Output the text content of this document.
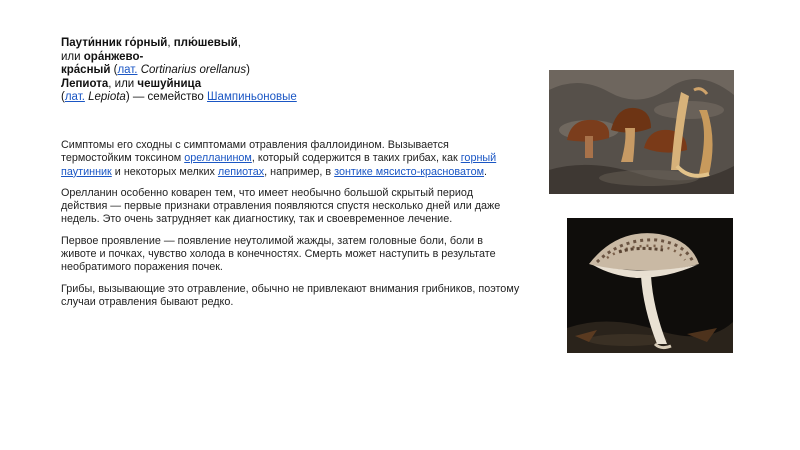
Паути́нник го́рный, плю́шевый,
или ора́нжево-
кра́сный (лат. Cortinarius orellanus)
Лепиота, или чешуйница
(лат. Lepiota) — семейство Шампиньоновые

Симптомы его сходны с симптомами отравления фаллоидином. Вызывается термостойким токсином орелланином, который содержится в таких грибах, как горный паутинник и некоторых мелких лепиотах, например, в зонтике мясисто-красноватом.

Орелланин особенно коварен тем, что имеет необычно большой скрытый период действия — первые признаки отравления появляются спустя несколько дней или даже недель. Это очень затрудняет как диагностику, так и своевременное лечение.

Первое проявление — появление неутолимой жажды, затем головные боли, боли в животе и почках, чувство холода в конечностях. Смерть может наступить в результате необратимого поражения почек.

Грибы, вызывающие это отравление, обычно не привлекают внимания грибников, поэтому случаи отравления бывают редко.
